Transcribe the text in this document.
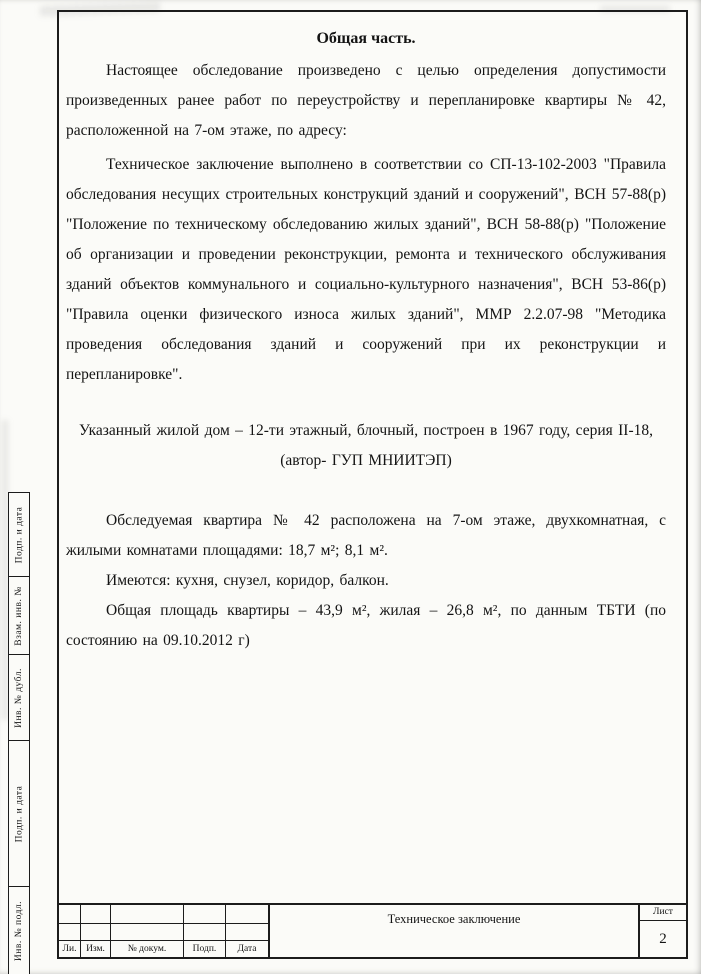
Общая часть.

Настоящее обследование произведено с целью определения допустимости произведенных ранее работ по переустройству и перепланировке квартиры № 42, расположенной на 7-ом этаже, по адресу:

Техническое заключение выполнено в соответствии со СП-13-102-2003 "Правила обследования несущих строительных конструкций зданий и сооружений", ВСН 57-88(р) "Положение по техническому обследованию жилых зданий", ВСН 58-88(р) "Положение об организации и проведении реконструкции, ремонта и технического обслуживания зданий объектов коммунального и социально-культурного назначения", ВСН 53-86(р) "Правила оценки физического износа жилых зданий", ММР 2.2.07-98 "Методика проведения обследования зданий и сооружений при их реконструкции и перепланировке".

Указанный жилой дом – 12-ти этажный, блочный, построен в 1967 году, серия II-18, (автор- ГУП МНИИТЭП)

Обследуемая квартира № 42 расположена на 7-ом этаже, двухкомнатная, с жилыми комнатами площадями: 18,7 м²; 8,1 м².

Имеются: кухня, снузел, коридор, балкон.

Общая площадь квартиры – 43,9 м², жилая – 26,8 м², по данным ТБТИ (по состоянию на 09.10.2012 г)

Подп. и дата
Взам. инв. №
Инв. № дубл.
Подп. и дата
Инв. № подл.	Ли.	Изм.	№ докум.	Подп.	Дата
Техническое заключение	Лист
2
